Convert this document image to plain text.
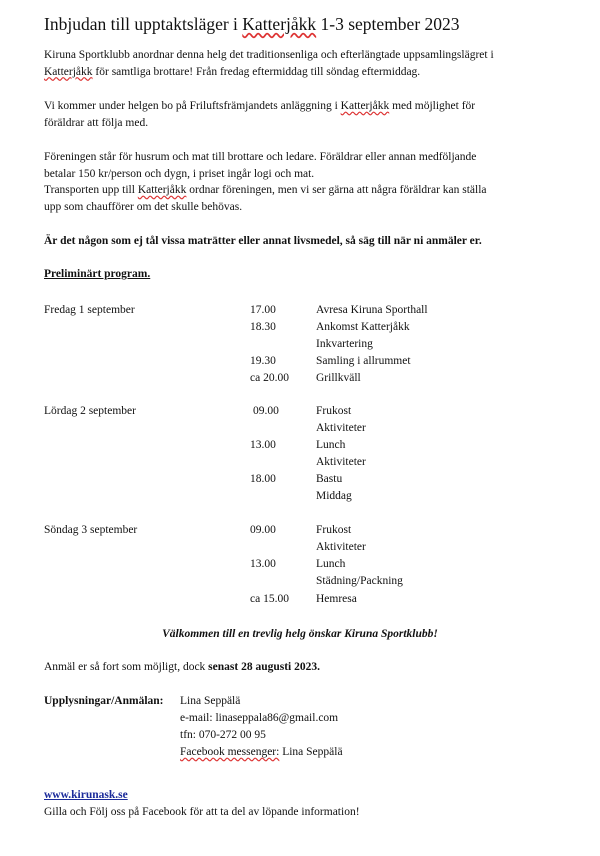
Inbjudan till upptaktsläger i Katterjåkk 1-3 september 2023
Kiruna Sportklubb anordnar denna helg det traditionsenliga och efterlängtade uppsamlingslägret i
Katterjåkk för samtliga brottare! Från fredag eftermiddag till söndag eftermiddag.
Vi kommer under helgen bo på Friluftsfrämjandets anläggning i Katterjåkk med möjlighet för
föräldrar att följa med.
Föreningen står för husrum och mat till brottare och ledare. Föräldrar eller annan medföljande
betalar 150 kr/person och dygn, i priset ingår logi och mat.
Transporten upp till Katterjåkk ordnar föreningen, men vi ser gärna att några föräldrar kan ställa
upp som chaufförer om det skulle behövas.
Är det någon som ej tål vissa maträtter eller annat livsmedel, så säg till när ni anmäler er.
Preliminärt program.
Fredag 1 september	17.00	Avresa Kiruna Sporthall
18.30	Ankomst Katterjåkk
Inkvartering
19.30	Samling i allrummet
ca 20.00 Grillkväll
Lördag 2 september	09.00	Frukost
Aktiviteter
13.00	Lunch
Aktiviteter
18.00	Bastu
Middag
Söndag 3 september	09.00	Frukost
Aktiviteter
13.00	Lunch
Städning/Packning
ca 15.00 Hemresa
Välkommen till en trevlig helg önskar Kiruna Sportklubb!
Anmäl er så fort som möjligt, dock senast 28 augusti 2023.
Upplysningar/Anmälan: Lina Seppälä
e-mail: linaseppala86@gmail.com
tfn: 070-272 00 95
Facebook messenger: Lina Seppälä
www.kirunask.se
Gilla och Följ oss på Facebook för att ta del av löpande information!
